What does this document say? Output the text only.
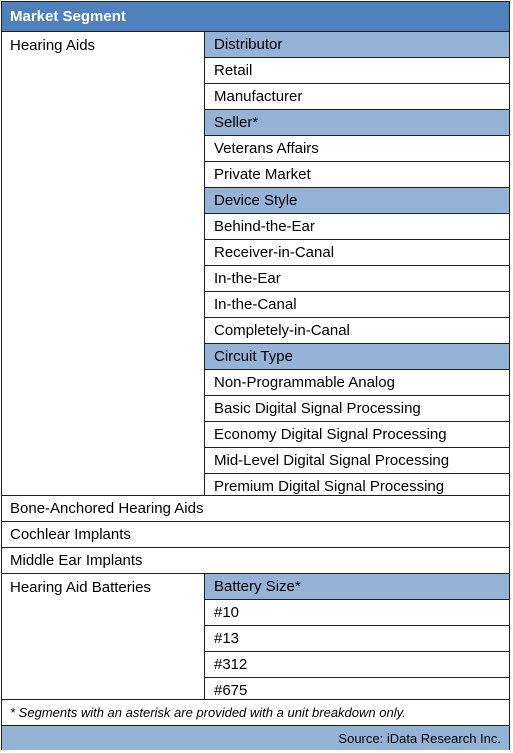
Market Segment
Hearing Aids	Distributor
Retail
Manufacturer
Seller*
Veterans Affairs
Private Market
Device Style
Behind-the-Ear
Receiver-in-Canal
In-the-Ear
In-the-Canal
Completely-in-Canal
Circuit Type
Non-Programmable Analog
Basic Digital Signal Processing
Economy Digital Signal Processing
Mid-Level Digital Signal Processing
Premium Digital Signal Processing
Bone-Anchored Hearing Aids
Cochlear Implants
Middle Ear Implants
Hearing Aid Batteries	Battery Size*
#10
#13
#312
#675
* Segments with an asterisk are provided with a unit breakdown only.
Source: iData Research Inc.
